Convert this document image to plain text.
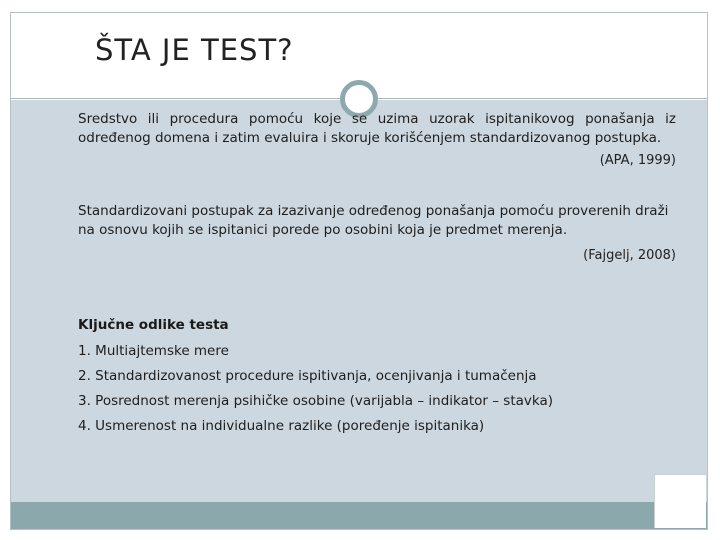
ŠTA JE TEST?

Sredstvo ili procedura pomoću koje se uzima uzorak ispitanikovog ponašanja iz određenog domena i zatim evaluira i skoruje korišćenjem standardizovanog postupka.

(APA, 1999)

Standardizovani postupak za izazivanje određenog ponašanja pomoću proverenih draži na osnovu kojih se ispitanici porede po osobini koja je predmet merenja.

(Fajgelj, 2008)

Ključne odlike testa

1. Multiajtemske mere

2. Standardizovanost procedure ispitivanja, ocenjivanja i tumačenja

3. Posrednost merenja psihičke osobine (varijabla – indikator – stavka)

4. Usmerenost na individualne razlike (poređenje ispitanika)
